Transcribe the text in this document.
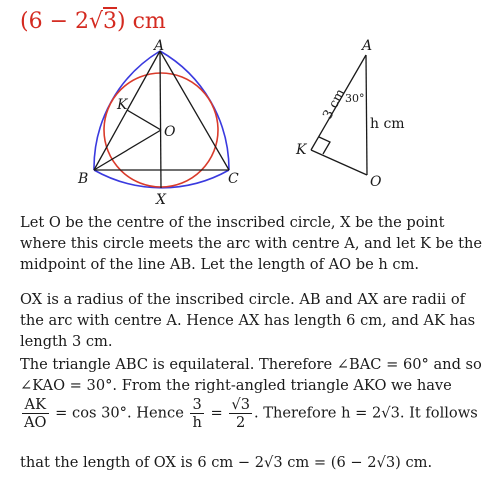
(6 − 2√3) cm
A
B	C
K
O
X
A
K
O
30°
h cm
3 cm
Let O be the centre of the inscribed circle, X be the point where this circle meets the arc with centre A, and let K be the midpoint of the line AB. Let the length of AO be h cm.
OX is a radius of the inscribed circle. AB and AX are radii of the arc with centre A. Hence AX has length 6 cm, and AK has length 3 cm.
The triangle ABC is equilateral. Therefore ∠BAC = 60° and so ∠KAO = 30°. From the right-angled triangle AKO we have
$\frac{AK}{AO} = \cos 30^\circ$. Hence $\frac{3}{h} = \frac{√3}{2}$ . Therefore h = 2√3. It follows
that the length of OX is 6 cm − 2√3 cm = (6 − 2√3) cm.
